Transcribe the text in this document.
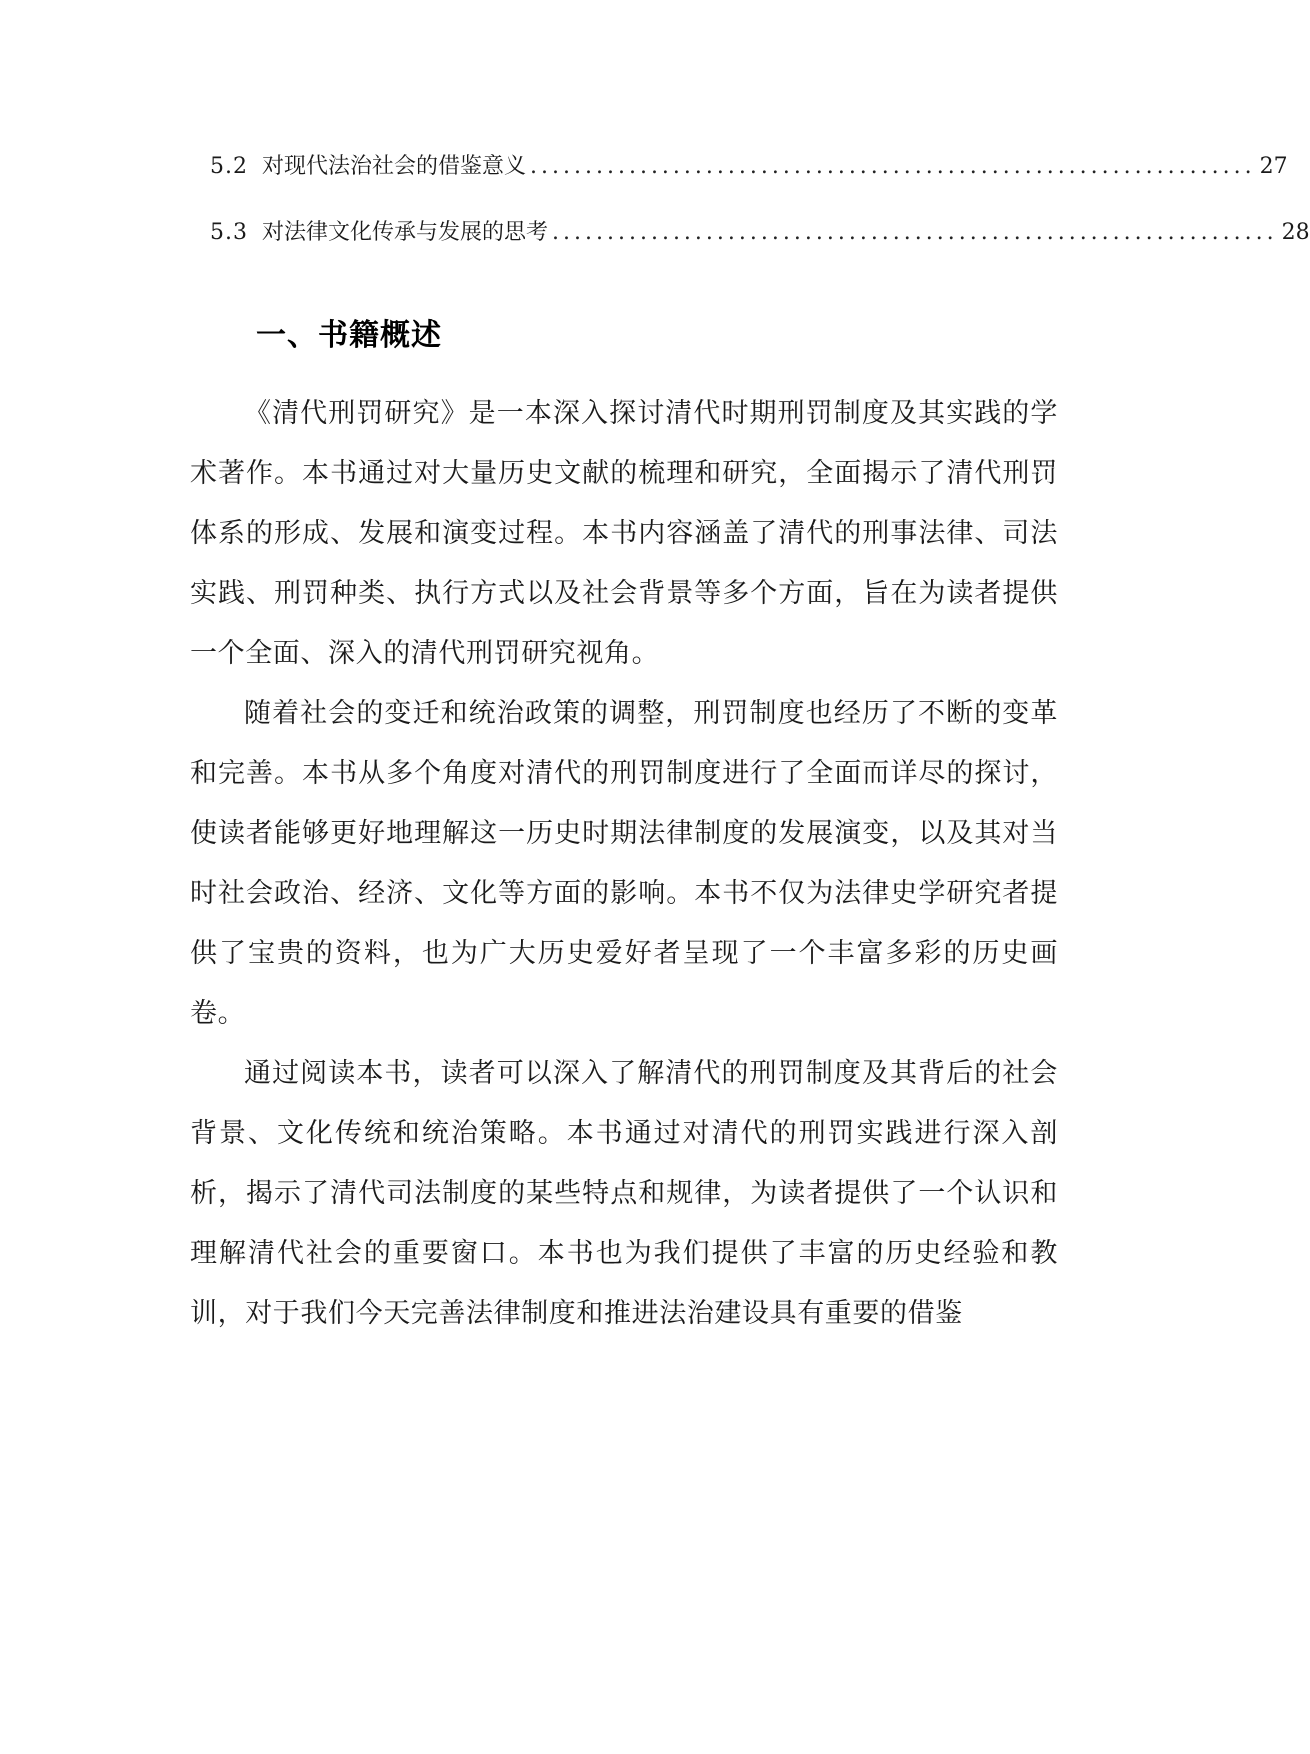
5.2 对现代法治社会的借鉴意义 .................................................................. 27
5.3 对法律文化传承与发展的思考 .................................................................. 28
一、书籍概述

《清代刑罚研究》是一本深入探讨清代时期刑罚制度及其实践的学术著作。本书通过对大量历史文献的梳理和研究，全面揭示了清代刑罚体系的形成、发展和演变过程。本书内容涵盖了清代的刑事法律、司法实践、刑罚种类、执行方式以及社会背景等多个方面，旨在为读者提供一个全面、深入的清代刑罚研究视角。

随着社会的变迁和统治政策的调整，刑罚制度也经历了不断的变革和完善。本书从多个角度对清代的刑罚制度进行了全面而详尽的探讨，使读者能够更好地理解这一历史时期法律制度的发展演变，以及其对当时社会政治、经济、文化等方面的影响。本书不仅为法律史学研究者提供了宝贵的资料，也为广大历史爱好者呈现了一个丰富多彩的历史画卷。

通过阅读本书，读者可以深入了解清代的刑罚制度及其背后的社会背景、文化传统和统治策略。本书通过对清代的刑罚实践进行深入剖析，揭示了清代司法制度的某些特点和规律，为读者提供了一个认识和理解清代社会的重要窗口。本书也为我们提供了丰富的历史经验和教训，对于我们今天完善法律制度和推进法治建设具有重要的借鉴
